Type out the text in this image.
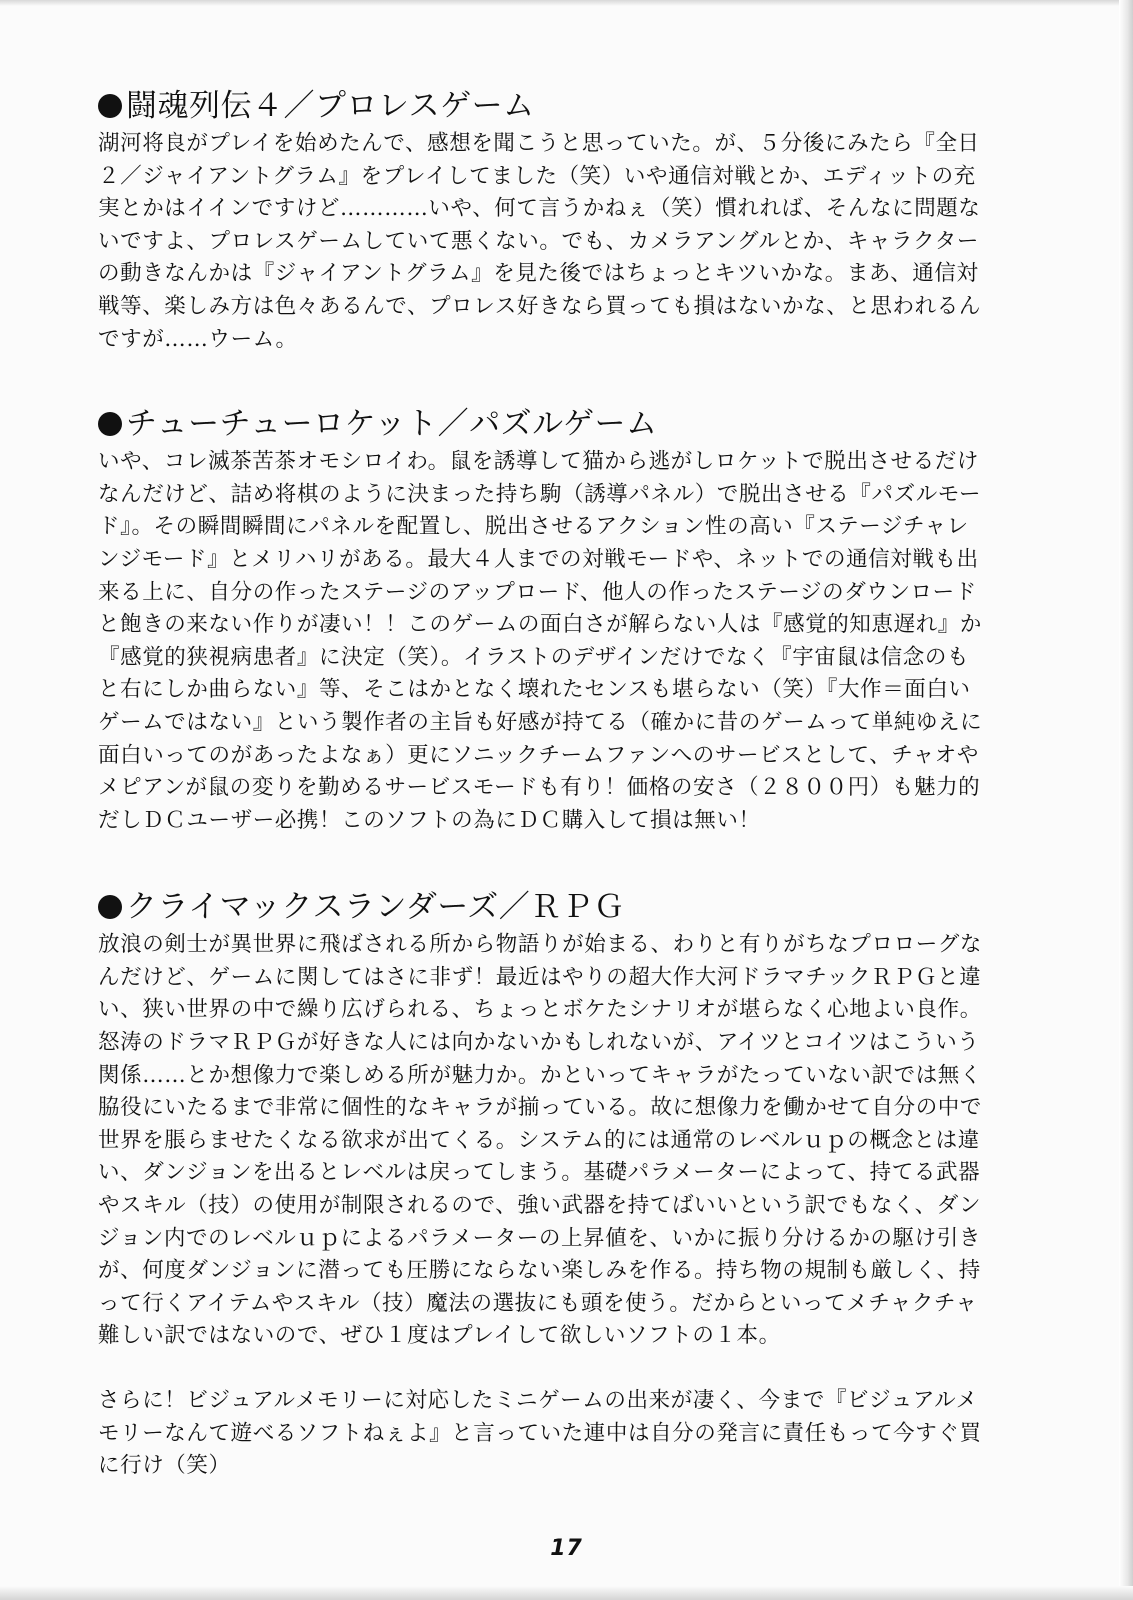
闘魂列伝４／プロレスゲーム

湖河将良がプレイを始めたんで、感想を聞こうと思っていた。が、５分後にみたら『全日
２／ジャイアントグラム』をプレイしてました（笑）いや通信対戦とか、エディットの充
実とかはイインですけど…………いや、何て言うかねぇ（笑）慣れれば、そんなに問題な
いですよ、プロレスゲームしていて悪くない。でも、カメラアングルとか、キャラクター
の動きなんかは『ジャイアントグラム』を見た後ではちょっとキツいかな。まあ、通信対
戦等、楽しみ方は色々あるんで、プロレス好きなら買っても損はないかな、と思われるん
ですが……ウーム。

チューチューロケット／パズルゲーム

いや、コレ滅茶苦茶オモシロイわ。鼠を誘導して猫から逃がしロケットで脱出させるだけ
なんだけど、詰め将棋のように決まった持ち駒（誘導パネル）で脱出させる『パズルモー
ド』。その瞬間瞬間にパネルを配置し、脱出させるアクション性の高い『ステージチャレ
ンジモード』とメリハリがある。最大４人までの対戦モードや、ネットでの通信対戦も出
来る上に、自分の作ったステージのアップロード、他人の作ったステージのダウンロード
と飽きの来ない作りが凄い！！このゲームの面白さが解らない人は『感覚的知恵遅れ』か
『感覚的狭視病患者』に決定（笑）。イラストのデザインだけでなく『宇宙鼠は信念のも
と右にしか曲らない』等、そこはかとなく壊れたセンスも堪らない（笑）『大作＝面白い
ゲームではない』という製作者の主旨も好感が持てる（確かに昔のゲームって単純ゆえに
面白いってのがあったよなぁ）更にソニックチームファンへのサービスとして、チャオや
メピアンが鼠の変りを勤めるサービスモードも有り！価格の安さ（２８００円）も魅力的
だしＤＣユーザー必携！このソフトの為にＤＣ購入して損は無い！

クライマックスランダーズ／ＲＰＧ

放浪の剣士が異世界に飛ばされる所から物語りが始まる、わりと有りがちなプロローグな
んだけど、ゲームに関してはさに非ず！最近はやりの超大作大河ドラマチックＲＰＧと違
い、狭い世界の中で繰り広げられる、ちょっとボケたシナリオが堪らなく心地よい良作。
怒涛のドラマＲＰＧが好きな人には向かないかもしれないが、アイツとコイツはこういう
関係……とか想像力で楽しめる所が魅力か。かといってキャラがたっていない訳では無く
脇役にいたるまで非常に個性的なキャラが揃っている。故に想像力を働かせて自分の中で
世界を脹らませたくなる欲求が出てくる。システム的には通常のレベルｕｐの概念とは違
い、ダンジョンを出るとレベルは戻ってしまう。基礎パラメーターによって、持てる武器
やスキル（技）の使用が制限されるので、強い武器を持てばいいという訳でもなく、ダン
ジョン内でのレベルｕｐによるパラメーターの上昇値を、いかに振り分けるかの駆け引き
が、何度ダンジョンに潜っても圧勝にならない楽しみを作る。持ち物の規制も厳しく、持
って行くアイテムやスキル（技）魔法の選抜にも頭を使う。だからといってメチャクチャ
難しい訳ではないので、ぜひ１度はプレイして欲しいソフトの１本。

さらに！ビジュアルメモリーに対応したミニゲームの出来が凄く、今まで『ビジュアルメ
モリーなんて遊べるソフトねぇよ』と言っていた連中は自分の発言に責任もって今すぐ買
に行け（笑）

17
